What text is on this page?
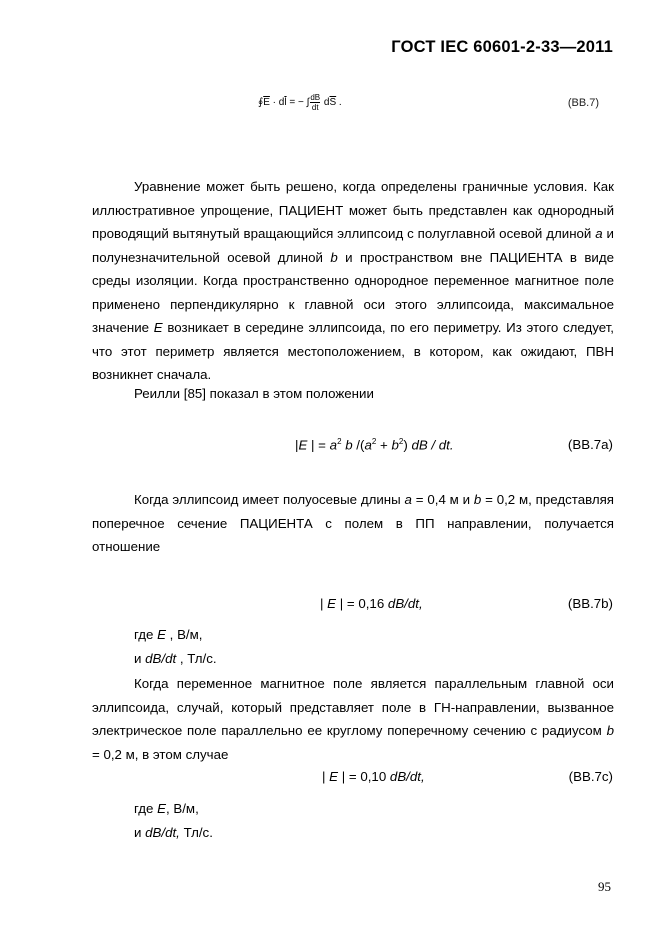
ГОСТ IEC 60601-2-33—2011
$∮\overline{E} \cdot d\overline{l}$ = − ∫ $\frac{dB}{dt} d\overline{S}$ .	(ВВ.7)
Уравнение может быть решено, когда определены граничные условия. Как иллюстративное упрощение, ПАЦИЕНТ может быть представлен как однородный проводящий вытянутый вращающийся эллипсоид с полуглавной осевой длиной a и полунезначительной осевой длиной b и пространством вне ПАЦИЕНТА в виде среды изоляции. Когда пространственно однородное переменное магнитное поле применено перпендикулярно к главной оси этого эллипсоида, максимальное значение E возникает в середине эллипсоида, по его периметру. Из этого следует, что этот периметр является местоположением, в котором, как ожидают, ПВН возникнет сначала.
Реилли [85] показал в этом положении
|E | = $a^2$ b $/(a^2 + b^2)$ dB / dt.	(ВВ.7а)
Когда эллипсоид имеет полуосевые длины a = 0,4 м и b = 0,2 м, представляя поперечное сечение ПАЦИЕНТА с полем в ПП направлении, получается отношение
| E | = 0,16 dB/dt,	(ВВ.7b)
где E , В/м,
и dB/dt , Тл/с.
Когда переменное магнитное поле является параллельным главной оси эллипсоида, случай, который представляет поле в ГН-направлении, вызванное электрическое поле параллельно ее круглому поперечному сечению с радиусом b = 0,2 м, в этом случае
| E | = 0,10 dB/dt,	(ВВ.7с)
где E, В/м,
и dB/dt, Тл/с.
95
